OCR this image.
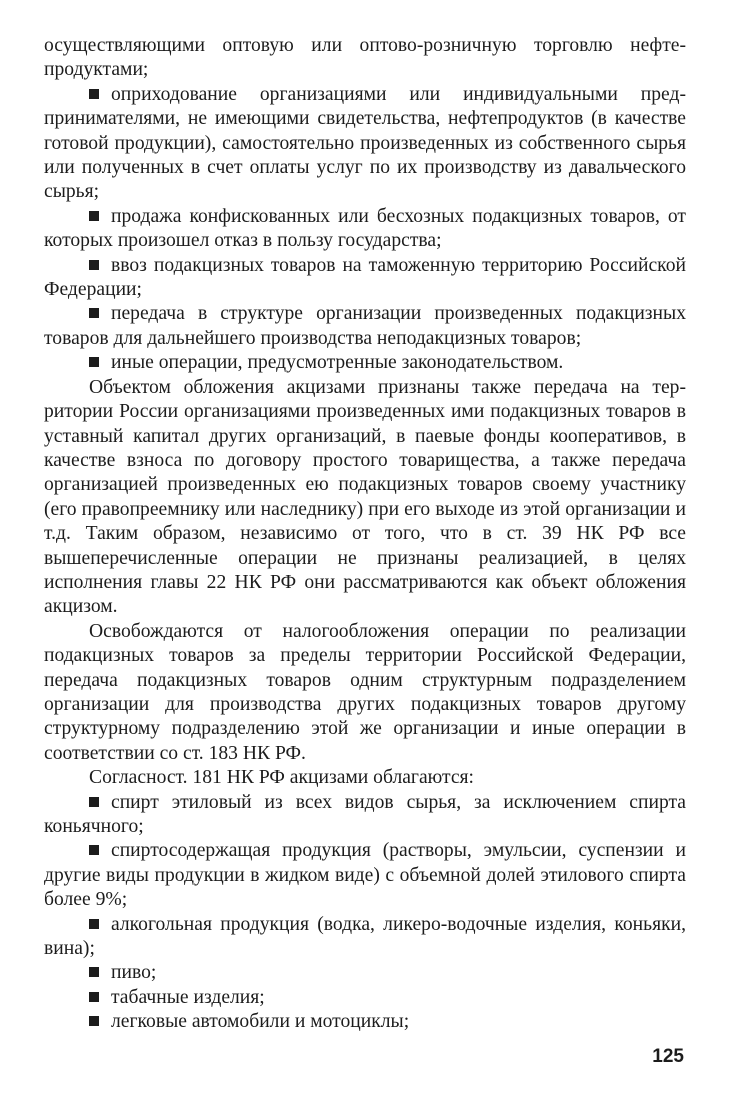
осуществляющими оптовую или оптово-розничную торговлю нефтепродуктами;

оприходование организациями или индивидуальными предпринимателями, не имеющими свидетельства, нефтепродуктов (в качестве готовой продукции), самостоятельно произведенных из собственного сырья или полученных в счет оплаты услуг по их производству из давальческого сырья;

продажа конфискованных или бесхозных подакцизных товаров, от которых произошел отказ в пользу государства;

ввоз подакцизных товаров на таможенную территорию Российской Федерации;

передача в структуре организации произведенных подакцизных товаров для дальнейшего производства неподакцизных товаров;

иные операции, предусмотренные законодательством.

Объектом обложения акцизами признаны также передача на территории России организациями произведенных ими подакцизных товаров в уставный капитал других организаций, в паевые фонды кооперативов, в качестве взноса по договору простого товарищества, а также передача организацией произведенных ею подакцизных товаров своему участнику (его правопреемнику или наследнику) при его выходе из этой организации и т.д. Таким образом, независимо от того, что в ст. 39 НК РФ все вышеперечисленные операции не признаны реализацией, в целях исполнения главы 22 НК РФ они рассматриваются как объект обложения акцизом.

Освобождаются от налогообложения операции по реализации подакцизных товаров за пределы территории Российской Федерации, передача подакцизных товаров одним структурным подразделением организации для производства других подакцизных товаров другому структурному подразделению этой же организации и иные операции в соответствии со ст. 183 НК РФ.

Согласност. 181 НК РФ акцизами облагаются:

спирт этиловый из всех видов сырья, за исключением спирта коньячного;

спиртосодержащая продукция (растворы, эмульсии, суспензии и другие виды продукции в жидком виде) с объемной долей этилового спирта более 9%;

алкогольная продукция (водка, ликеро-водочные изделия, коньяки, вина);

пиво;

табачные изделия;

легковые автомобили и мотоциклы;

125
